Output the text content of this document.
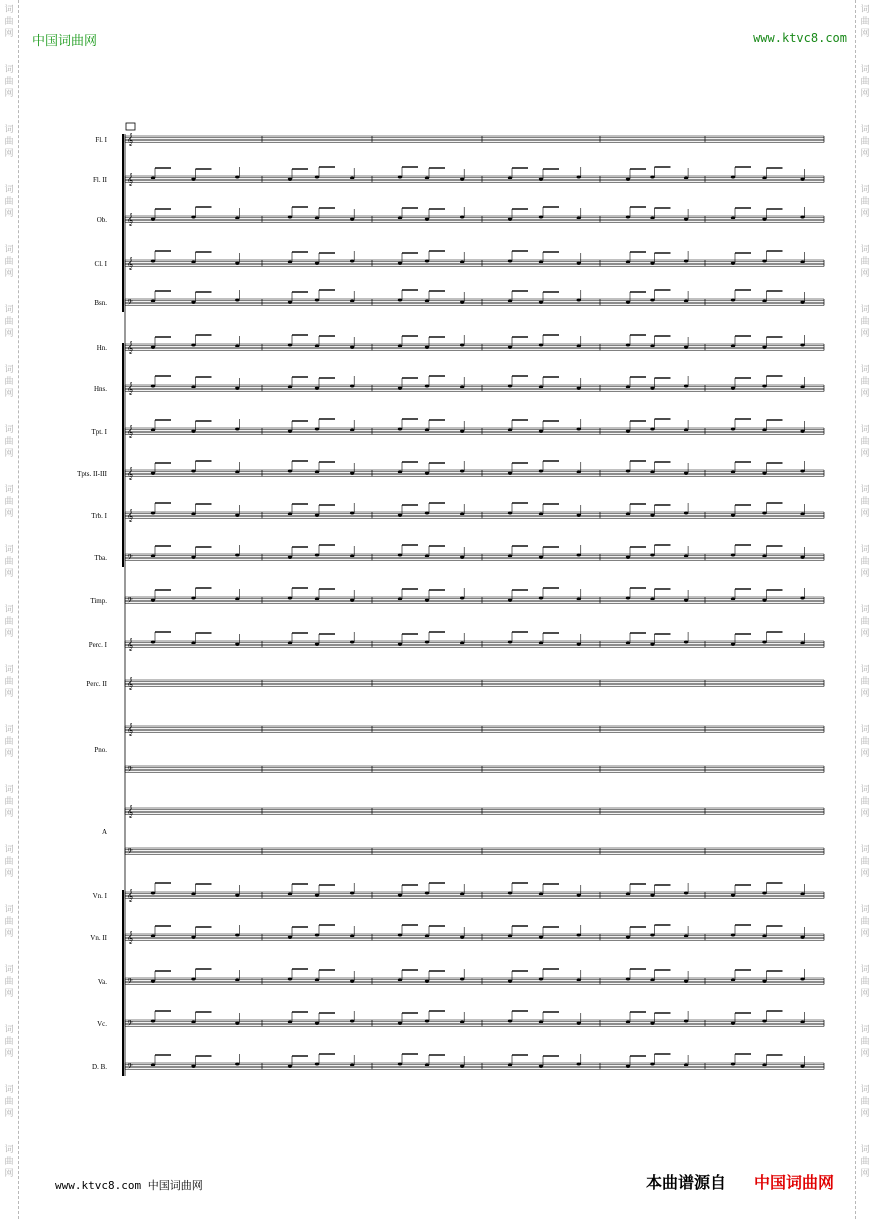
词曲网
词曲网
词曲网
词曲网
词曲网
词曲网
词曲网
词曲网
词曲网
词曲网
词曲网
词曲网
词曲网
词曲网
词曲网
词曲网
词曲网
词曲网
词曲网
词曲网
词曲网
词曲网
词曲网
词曲网
词曲网
词曲网
词曲网
词曲网
词曲网
词曲网
词曲网
词曲网
词曲网
词曲网
词曲网
词曲网
词曲网
词曲网
词曲网
词曲网
中国词曲网	www.ktvc8.com
𝄞
𝄞
𝄞
𝄞
𝄢
𝄞
𝄞
𝄞
𝄞
𝄞
𝄢
𝄢
𝄞
𝄞
𝄞
𝄢
𝄞
𝄢
𝄞
𝄞
𝄢
𝄢
𝄢
Fl. I
Fl. II
Ob.
Cl. I
Bsn.
Hn.
Hns.
Tpt. I
Tpts. II-III
Trb. I
Tba.
Timp.
Perc. I
Perc. II
Pno.
A
Vn. I
Vn. II
Va.
Vc.
D. B.
www.ktvc8.com 中国词曲网	本曲谱源自 中国词曲网
